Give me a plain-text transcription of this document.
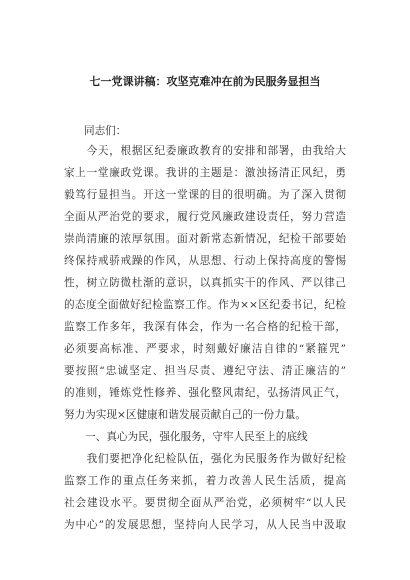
七一党课讲稿：攻坚克难冲在前为民服务显担当
同志们：
　　今天，根据区纪委廉政教育的安排和部署，由我给大
家上一堂廉政党课。我讲的主题是：激浊扬清正风纪，勇
毅笃行显担当。开这一堂课的目的很明确。为了深入贯彻
全面从严治党的要求，履行党风廉政建设责任，努力营造
崇尚清廉的浓厚氛围。面对新常态新情况，纪检干部要始
终保持戒骄戒躁的作风，从思想、行动上保持高度的警惕
性，树立防微杜渐的意识，以真抓实干的作风、严以律己
的态度全面做好纪检监察工作。作为××区纪委书记，纪检
监察工作多年，我深有体会，作为一名合格的纪检干部，
必须要高标准、严要求，时刻戴好廉洁自律的“紧箍咒”
要按照“忠诚坚定、担当尽责、遵纪守法、清正廉洁的”
的准则，锤炼党性修养、强化整风肃纪，弘扬清风正气，
努力为实现×区健康和谐发展贡献自己的一份力量。
　　一、真心为民，强化服务，守牢人民至上的底线
　　我们要把净化纪检队伍，强化为民服务作为做好纪检
监察工作的重点任务来抓，着力改善人民生活质，提高
社会建设水平。要贯彻全面从严治党，必须树牢“以人民
为中心”的发展思想，坚持向人民学习，从人民当中汲取
